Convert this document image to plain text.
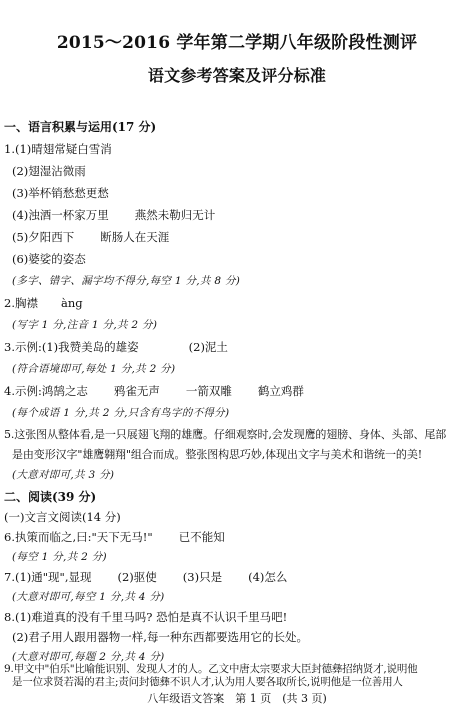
2015～2016 学年第二学期八年级阶段性测评
语文参考答案及评分标准
一、语言积累与运用(17 分)
1.(1)晴翅常疑白雪消
(2)翅湿沾微雨
(3)举杯销愁愁更愁
(4)浊酒一杯家万里 燕然未勒归无计
(5)夕阳西下 断肠人在天涯
(6)婆娑的姿态
(多字、错字、漏字均不得分,每空 1 分,共 8 分)
2.胸襟　　ànɡ
(写字 1 分,注音 1 分,共 2 分)
3.示例:(1)我赞美岛的雄姿	(2)泥土
(符合语境即可,每处 1 分,共 2 分)
4.示例:鸿鹄之志 鸦雀无声 一箭双雕 鹤立鸡群
(每个成语 1 分,共 2 分,只含有鸟字的不得分)
5.这张图从整体看,是一只展翅飞翔的雄鹰。仔细观察时,会发现鹰的翅膀、身体、头部、尾部
是由变形汉字"雄鹰翱翔"组合而成。整张图构思巧妙,体现出文字与美术和谐统一的美!
(大意对即可,共 3 分)
二、阅读(39 分)
(一)文言文阅读(14 分)
6.执策而临之,曰:"天下无马!" 已不能知
(每空 1 分,共 2 分)
7.(1)通"现",显现 (2)驱使 (3)只是 (4)怎么
(大意对即可,每空 1 分,共 4 分)
8.(1)难道真的没有千里马吗? 恐怕是真不认识千里马吧!
(2)君子用人跟用器物一样,每一种东西都要选用它的长处。
(大意对即可,每题 2 分,共 4 分)
9.甲文中"伯乐"比喻能识别、发现人才的人。乙文中唐太宗要求大臣封德彝招纳贤才,说明他
是一位求贤若渴的君主;责问封德彝不识人才,认为用人要各取所长,说明他是一位善用人
八年级语文答案　第 1 页　(共 3 页)
